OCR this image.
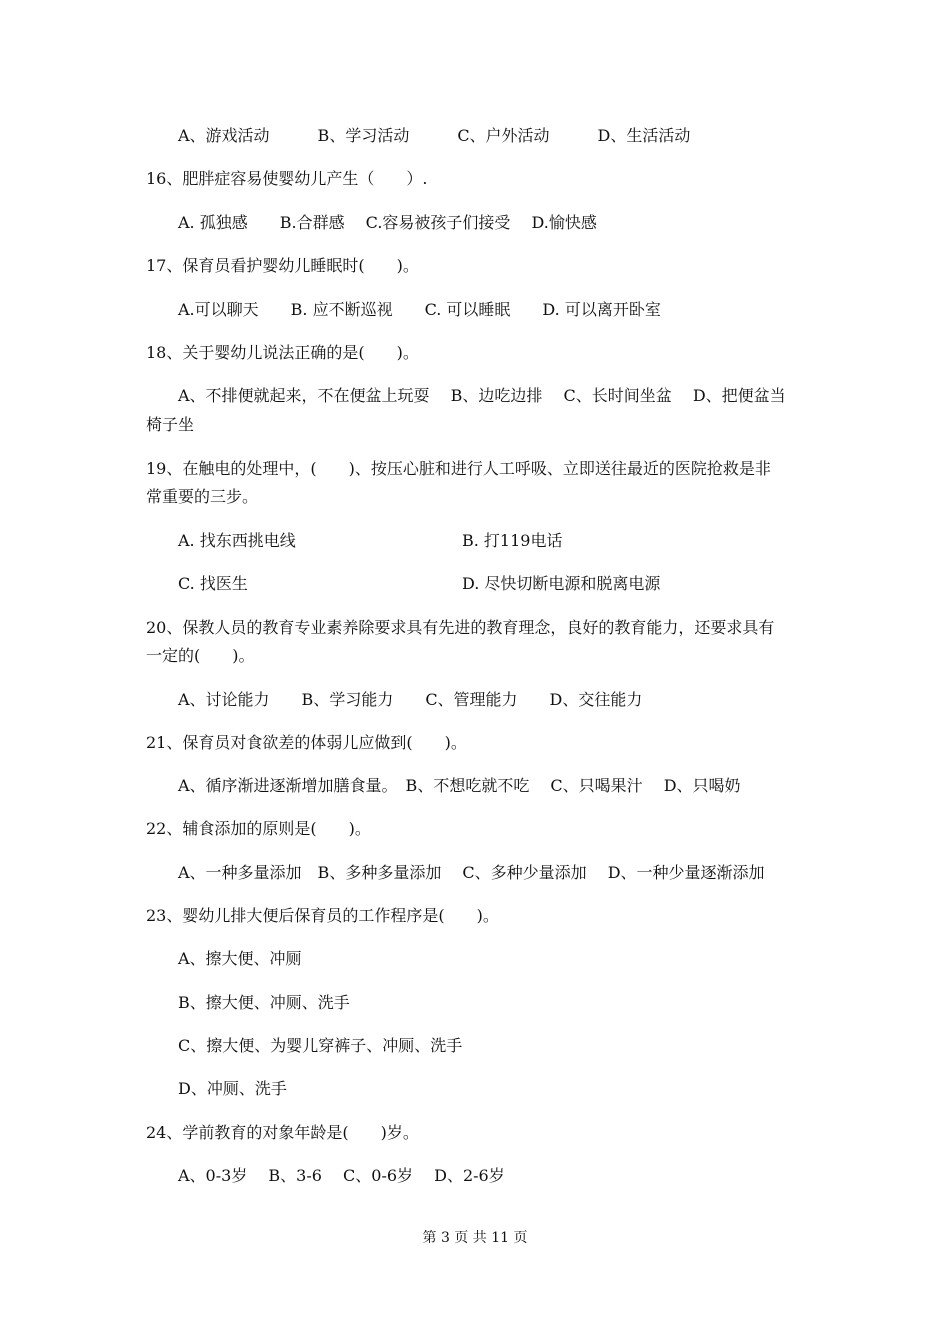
A、游戏活动　　　B、学习活动　　　C、户外活动　　　D、生活活动
16、肥胖症容易使婴幼儿产生（　　）.
A. 孤独感　　B.合群感　 C.容易被孩子们接受　 D.愉快感
17、保育员看护婴幼儿睡眠时(　　)。
A.可以聊天　　B. 应不断巡视　　C. 可以睡眠　　D. 可以离开卧室
18、关于婴幼儿说法正确的是(　　)。
A、不排便就起来，不在便盆上玩耍　 B、边吃边排　 C、长时间坐盆　 D、把便盆当
椅子坐
19、在触电的处理中，(　　)、按压心脏和进行人工呼吸、立即送往最近的医院抢救是非
常重要的三步。
A. 找东西挑电线	B. 打119电话
C. 找医生	D. 尽快切断电源和脱离电源
20、保教人员的教育专业素养除要求具有先进的教育理念，良好的教育能力，还要求具有
一定的(　　)。
A、讨论能力　　B、学习能力　　C、管理能力　　D、交往能力
21、保育员对食欲差的体弱儿应做到(　　)。
A、循序渐进逐渐增加膳食量。　B、不想吃就不吃　 C、只喝果汁　 D、只喝奶
22、辅食添加的原则是(　　)。
A、一种多量添加　B、多种多量添加　 C、多种少量添加　 D、一种少量逐渐添加
23、婴幼儿排大便后保育员的工作程序是(　　)。
A、擦大便、冲厕
B、擦大便、冲厕、洗手
C、擦大便、为婴儿穿裤子、冲厕、洗手
D、冲厕、洗手
24、学前教育的对象年龄是(　　)岁。
A、0-3岁　 B、3-6　 C、0-6岁　 D、2-6岁
第 3 页 共 11 页
